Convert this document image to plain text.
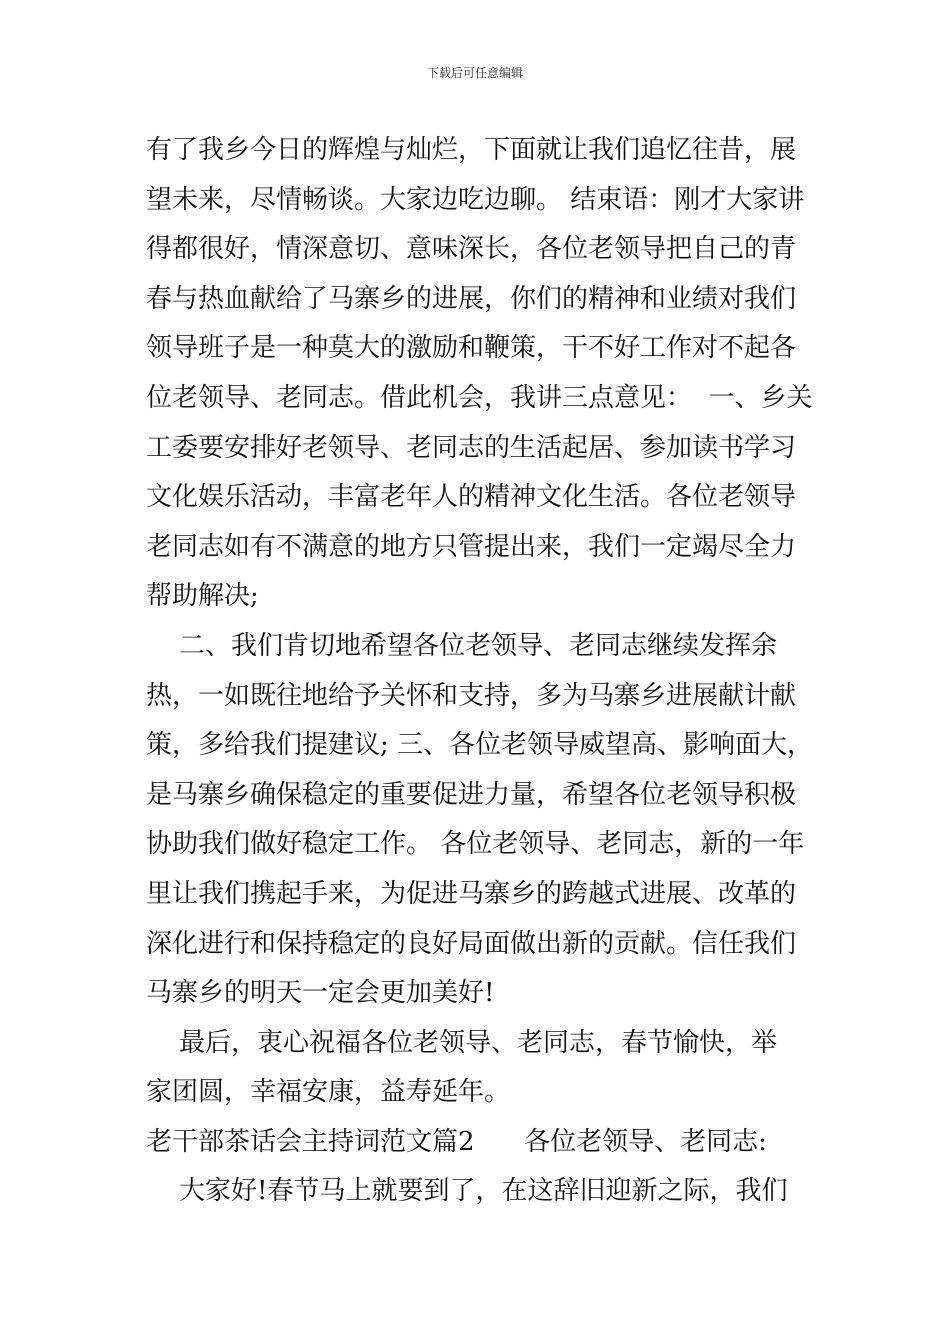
下载后可任意编辑
有了我乡今日的辉煌与灿烂，下面就让我们追忆往昔，展
望未来，尽情畅谈。大家边吃边聊。 结束语：刚才大家讲
得都很好，情深意切、意味深长，各位老领导把自己的青
春与热血献给了马寨乡的进展，你们的精神和业绩对我们
领导班子是一种莫大的激励和鞭策，干不好工作对不起各
位老领导、老同志。借此机会，我讲三点意见：  一、乡关
工委要安排好老领导、老同志的生活起居、参加读书学习
文化娱乐活动，丰富老年人的精神文化生活。各位老领导
老同志如有不满意的地方只管提出来，我们一定竭尽全力
帮助解决;
二、我们肯切地希望各位老领导、老同志继续发挥余
热，一如既往地给予关怀和支持，多为马寨乡进展献计献
策，多给我们提建议; 三、各位老领导威望高、影响面大，
是马寨乡确保稳定的重要促进力量，希望各位老领导积极
协助我们做好稳定工作。 各位老领导、老同志，新的一年
里让我们携起手来，为促进马寨乡的跨越式进展、改革的
深化进行和保持稳定的良好局面做出新的贡献。信任我们
马寨乡的明天一定会更加美好!
最后，衷心祝福各位老领导、老同志，春节愉快，举
家团圆，幸福安康，益寿延年。
老干部茶话会主持词范文篇2      各位老领导、老同志:
大家好!春节马上就要到了，在这辞旧迎新之际，我们
